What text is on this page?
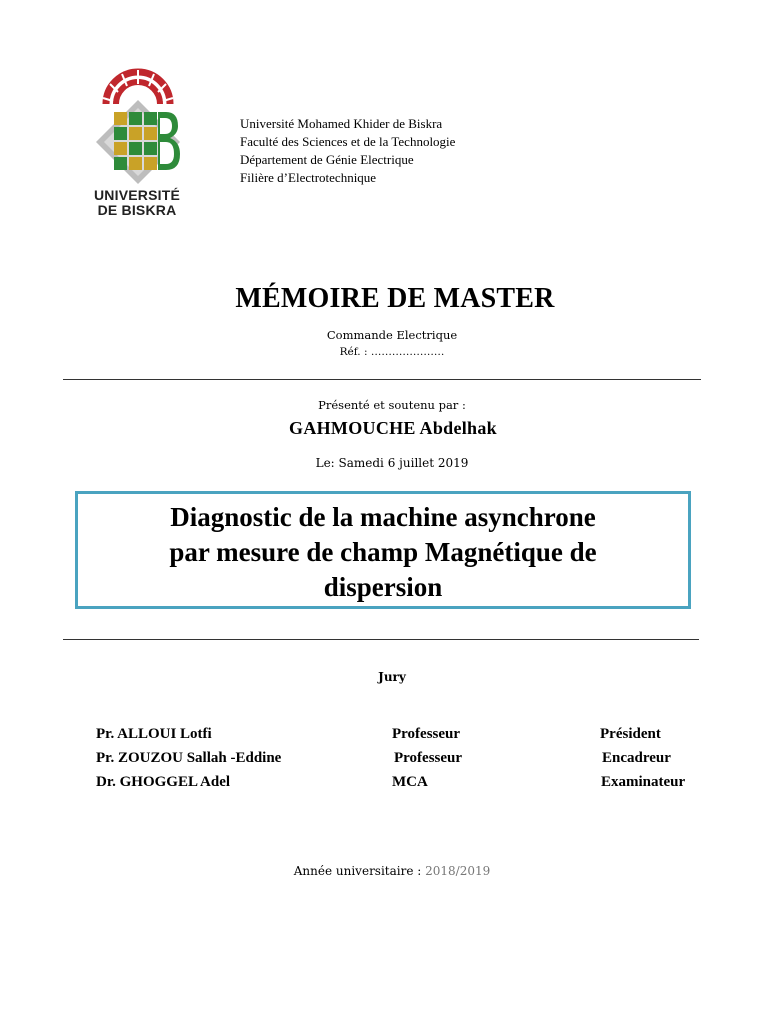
UNIVERSITÉ
DE BISKRA
Université Mohamed Khider de Biskra
Faculté des Sciences et de la Technologie
Département de Génie Electrique
Filière d’Electrotechnique
MÉMOIRE DE MASTER
Commande Electrique
Réf. : …………………
Présenté et soutenu par :
GAHMOUCHE Abdelhak
Le: Samedi 6 juillet 2019
Diagnostic de la machine asynchrone
par mesure de champ Magnétique de
dispersion
Jury
Pr. ALLOUI Lotfi	Professeur	Président
Pr. ZOUZOU Sallah -Eddine	Professeur	Encadreur
Dr. GHOGGEL Adel	MCA	Examinateur
Année universitaire : 2018/2019
